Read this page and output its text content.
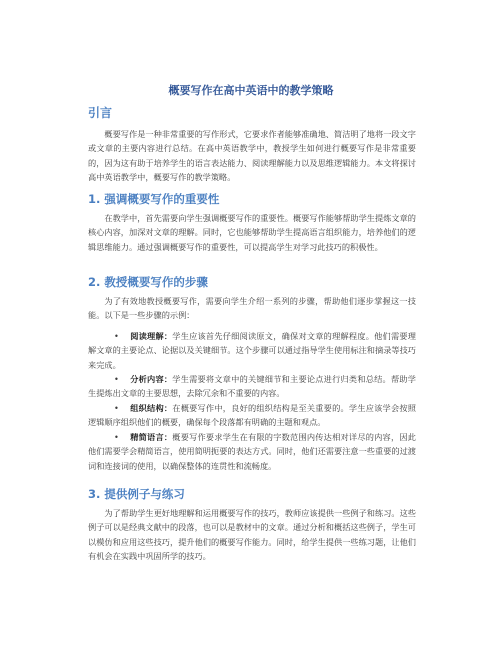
概要写作在高中英语中的教学策略
引言
概要写作是一种非常重要的写作形式，它要求作者能够准确地、简洁明了地将一段文字或文章的主要内容进行总结。在高中英语教学中，教授学生如何进行概要写作是非常重要的，因为这有助于培养学生的语言表达能力、阅读理解能力以及思维逻辑能力。本文将探讨高中英语教学中，概要写作的教学策略。
1. 强调概要写作的重要性
在教学中，首先需要向学生强调概要写作的重要性。概要写作能够帮助学生提炼文章的核心内容，加深对文章的理解。同时，它也能够帮助学生提高语言组织能力，培养他们的逻辑思维能力。通过强调概要写作的重要性，可以提高学生对学习此技巧的积极性。
2. 教授概要写作的步骤
为了有效地教授概要写作，需要向学生介绍一系列的步骤，帮助他们逐步掌握这一技能。以下是一些步骤的示例：
• 阅读理解：学生应该首先仔细阅读原文，确保对文章的理解程度。他们需要理解文章的主要论点、论据以及关键细节。这个步骤可以通过指导学生使用标注和摘录等技巧来完成。
• 分析内容：学生需要将文章中的关键细节和主要论点进行归类和总结。帮助学生提炼出文章的主要思想，去除冗余和不重要的内容。
• 组织结构：在概要写作中，良好的组织结构是至关重要的。学生应该学会按照逻辑顺序组织他们的概要，确保每个段落都有明确的主题和观点。
• 精简语言：概要写作要求学生在有限的字数范围内传达相对详尽的内容，因此他们需要学会精简语言，使用简明扼要的表达方式。同时，他们还需要注意一些重要的过渡词和连接词的使用，以确保整体的连贯性和流畅度。
3. 提供例子与练习
为了帮助学生更好地理解和运用概要写作的技巧，教师应该提供一些例子和练习。这些例子可以是经典文献中的段落，也可以是教材中的文章。通过分析和概括这些例子，学生可以模仿和应用这些技巧，提升他们的概要写作能力。同时，给学生提供一些练习题，让他们有机会在实践中巩固所学的技巧。
